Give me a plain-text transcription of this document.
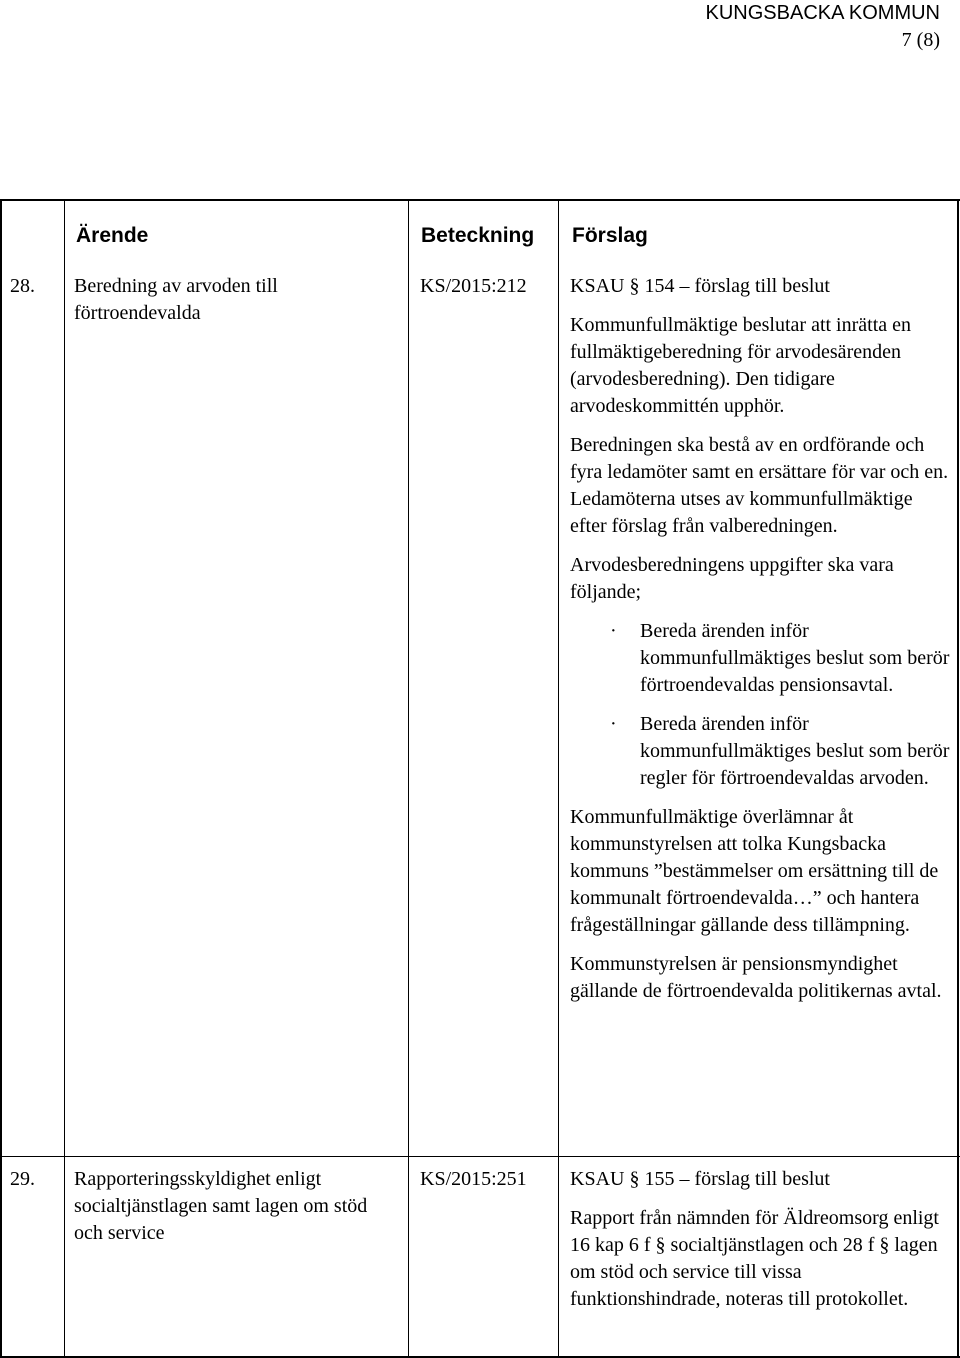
KUNGSBACKA KOMMUN
7 (8)
Ärende	Beteckning Förslag
28. Beredning av arvoden till förtroendevalda
KS/2015:212 KSAU § 154 – förslag till beslut

Kommunfullmäktige beslutar att inrätta en fullmäktigeberedning för arvodesärenden (arvodesberedning). Den tidigare arvodeskommittén upphör.

Beredningen ska bestå av en ordförande och fyra ledamöter samt en ersättare för var och en. Ledamöterna utses av kommunfullmäktige efter förslag från valberedningen.

Arvodesberedningens uppgifter ska vara följande;

· Bereda ärenden inför kommunfullmäktiges beslut som berör förtroendevaldas pensionsavtal.
· Bereda ärenden inför kommunfullmäktiges beslut som berör regler för förtroendevaldas arvoden.

Kommunfullmäktige överlämnar åt kommunstyrelsen att tolka Kungsbacka kommuns ”bestämmelser om ersättning till de kommunalt förtroendevalda…” och hantera frågeställningar gällande dess tillämpning.

Kommunstyrelsen är pensionsmyndighet gällande de förtroendevalda politikernas avtal.

29. Rapporteringsskyldighet enligt socialtjänstlagen samt lagen om stöd och service
KS/2015:251 KSAU § 155 – förslag till beslut

Rapport från nämnden för Äldreomsorg enligt 16 kap 6 f § socialtjänstlagen och 28 f § lagen om stöd och service till vissa funktionshindrade, noteras till protokollet.
